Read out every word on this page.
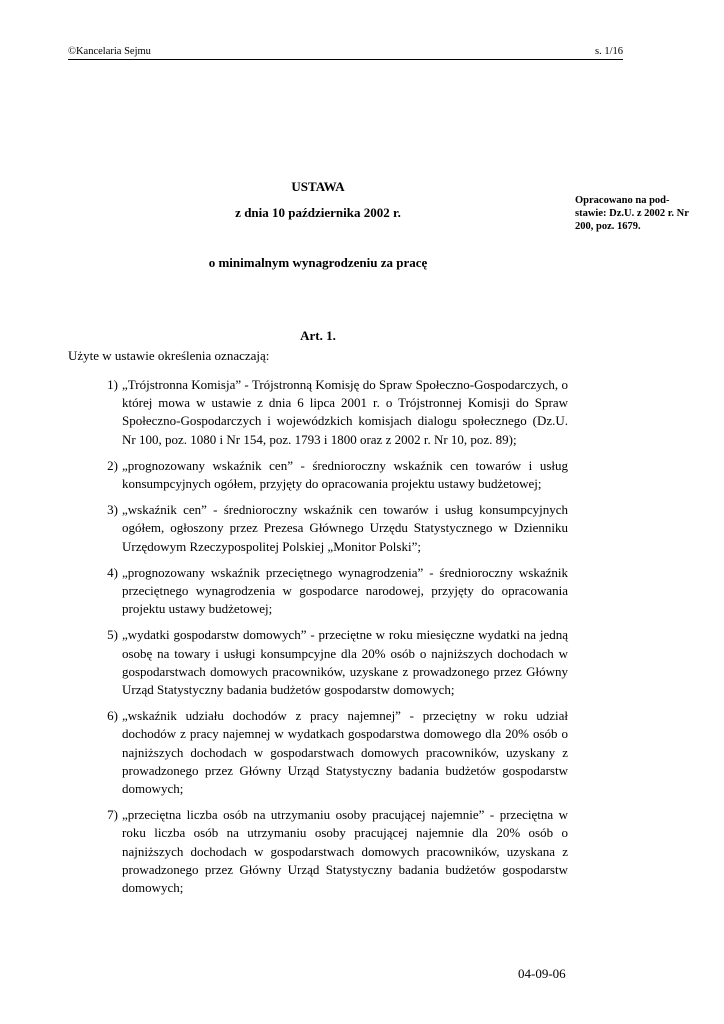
©Kancelaria Sejmu	s. 1/16
USTAWA
z dnia 10 października 2002 r.
o minimalnym wynagrodzeniu za pracę
Opracowano na pod-stawie: Dz.U. z 2002 r. Nr 200, poz. 1679.
Art. 1.
Użyte w ustawie określenia oznaczają:
1) „Trójstronna Komisja” - Trójstronną Komisję do Spraw Społeczno-Gospodarczych, o której mowa w ustawie z dnia 6 lipca 2001 r. o Trójstronnej Komisji do Spraw Społeczno-Gospodarczych i wojewódzkich komisjach dialogu społecznego (Dz.U. Nr 100, poz. 1080 i Nr 154, poz. 1793 i 1800 oraz z 2002 r. Nr 10, poz. 89);
2) „prognozowany wskaźnik cen” - średnioroczny wskaźnik cen towarów i usług konsumpcyjnych ogółem, przyjęty do opracowania projektu ustawy budżetowej;
3) „wskaźnik cen” - średnioroczny wskaźnik cen towarów i usług konsumpcyjnych ogółem, ogłoszony przez Prezesa Głównego Urzędu Statystycznego w Dzienniku Urzędowym Rzeczypospolitej Polskiej „Monitor Polski”;
4) „prognozowany wskaźnik przeciętnego wynagrodzenia” - średnioroczny wskaźnik przeciętnego wynagrodzenia w gospodarce narodowej, przyjęty do opracowania projektu ustawy budżetowej;
5) „wydatki gospodarstw domowych” - przeciętne w roku miesięczne wydatki na jedną osobę na towary i usługi konsumpcyjne dla 20% osób o najniższych dochodach w gospodarstwach domowych pracowników, uzyskane z prowadzonego przez Główny Urząd Statystyczny badania budżetów gospodarstw domowych;
6) „wskaźnik udziału dochodów z pracy najemnej” - przeciętny w roku udział dochodów z pracy najemnej w wydatkach gospodarstwa domowego dla 20% osób o najniższych dochodach w gospodarstwach domowych pracowników, uzyskany z prowadzonego przez Główny Urząd Statystyczny badania budżetów gospodarstw domowych;
7) „przeciętna liczba osób na utrzymaniu osoby pracującej najemnie” - przeciętna w roku liczba osób na utrzymaniu osoby pracującej najemnie dla 20% osób o najniższych dochodach w gospodarstwach domowych pracowników, uzyskana z prowadzonego przez Główny Urząd Statystyczny badania budżetów gospodarstw domowych;
04-09-06
